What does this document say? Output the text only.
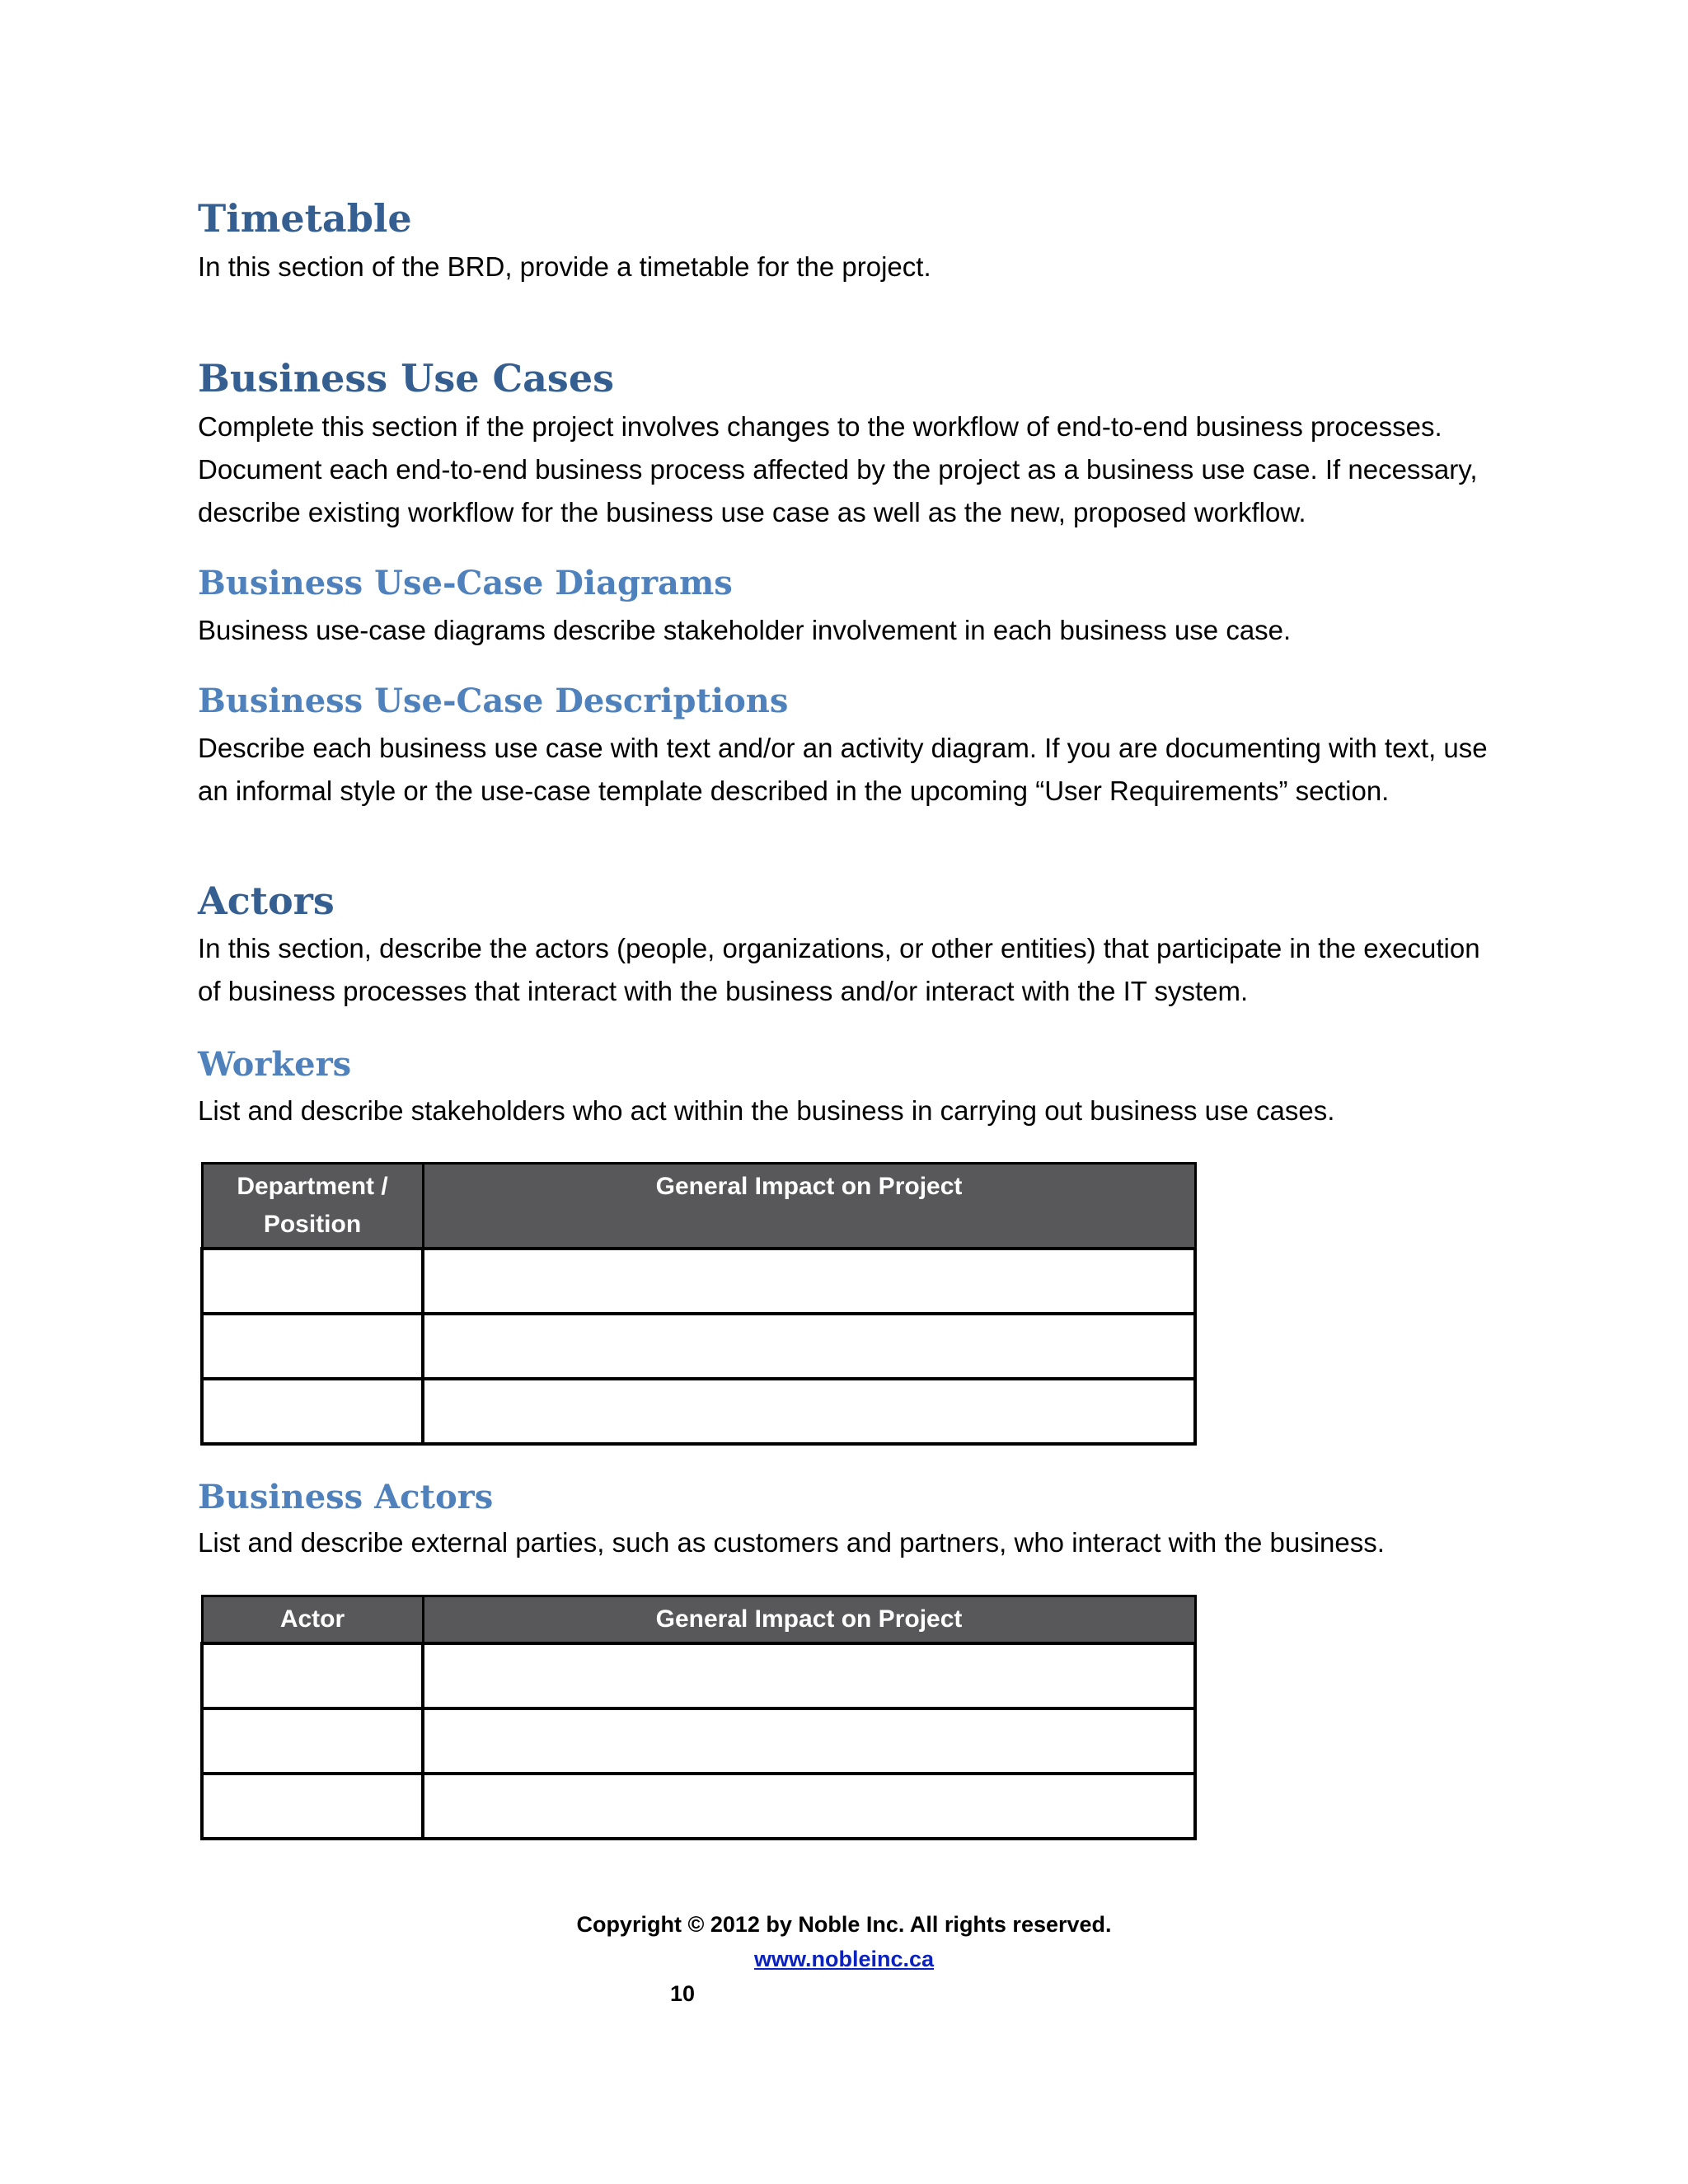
Timetable

In this section of the BRD, provide a timetable for the project.

Business Use Cases

Complete this section if the project involves changes to the workflow of end-to-end business processes. Document each end-to-end business process affected by the project as a business use case. If necessary, describe existing workflow for the business use case as well as the new, proposed workflow.

Business Use-Case Diagrams

Business use-case diagrams describe stakeholder involvement in each business use case.

Business Use-Case Descriptions

Describe each business use case with text and/or an activity diagram. If you are documenting with text, use an informal style or the use-case template described in the upcoming “User Requirements” section.

Actors

In this section, describe the actors (people, organizations, or other entities) that participate in the execution of business processes that interact with the business and/or interact with the IT system.

Workers

List and describe stakeholders who act within the business in carrying out business use cases.

Department / Position	General Impact on Project

Business Actors

List and describe external parties, such as customers and partners, who interact with the business.

Actor	General Impact on Project

Copyright © 2012 by Noble Inc. All rights reserved.
www.nobleinc.ca
10
